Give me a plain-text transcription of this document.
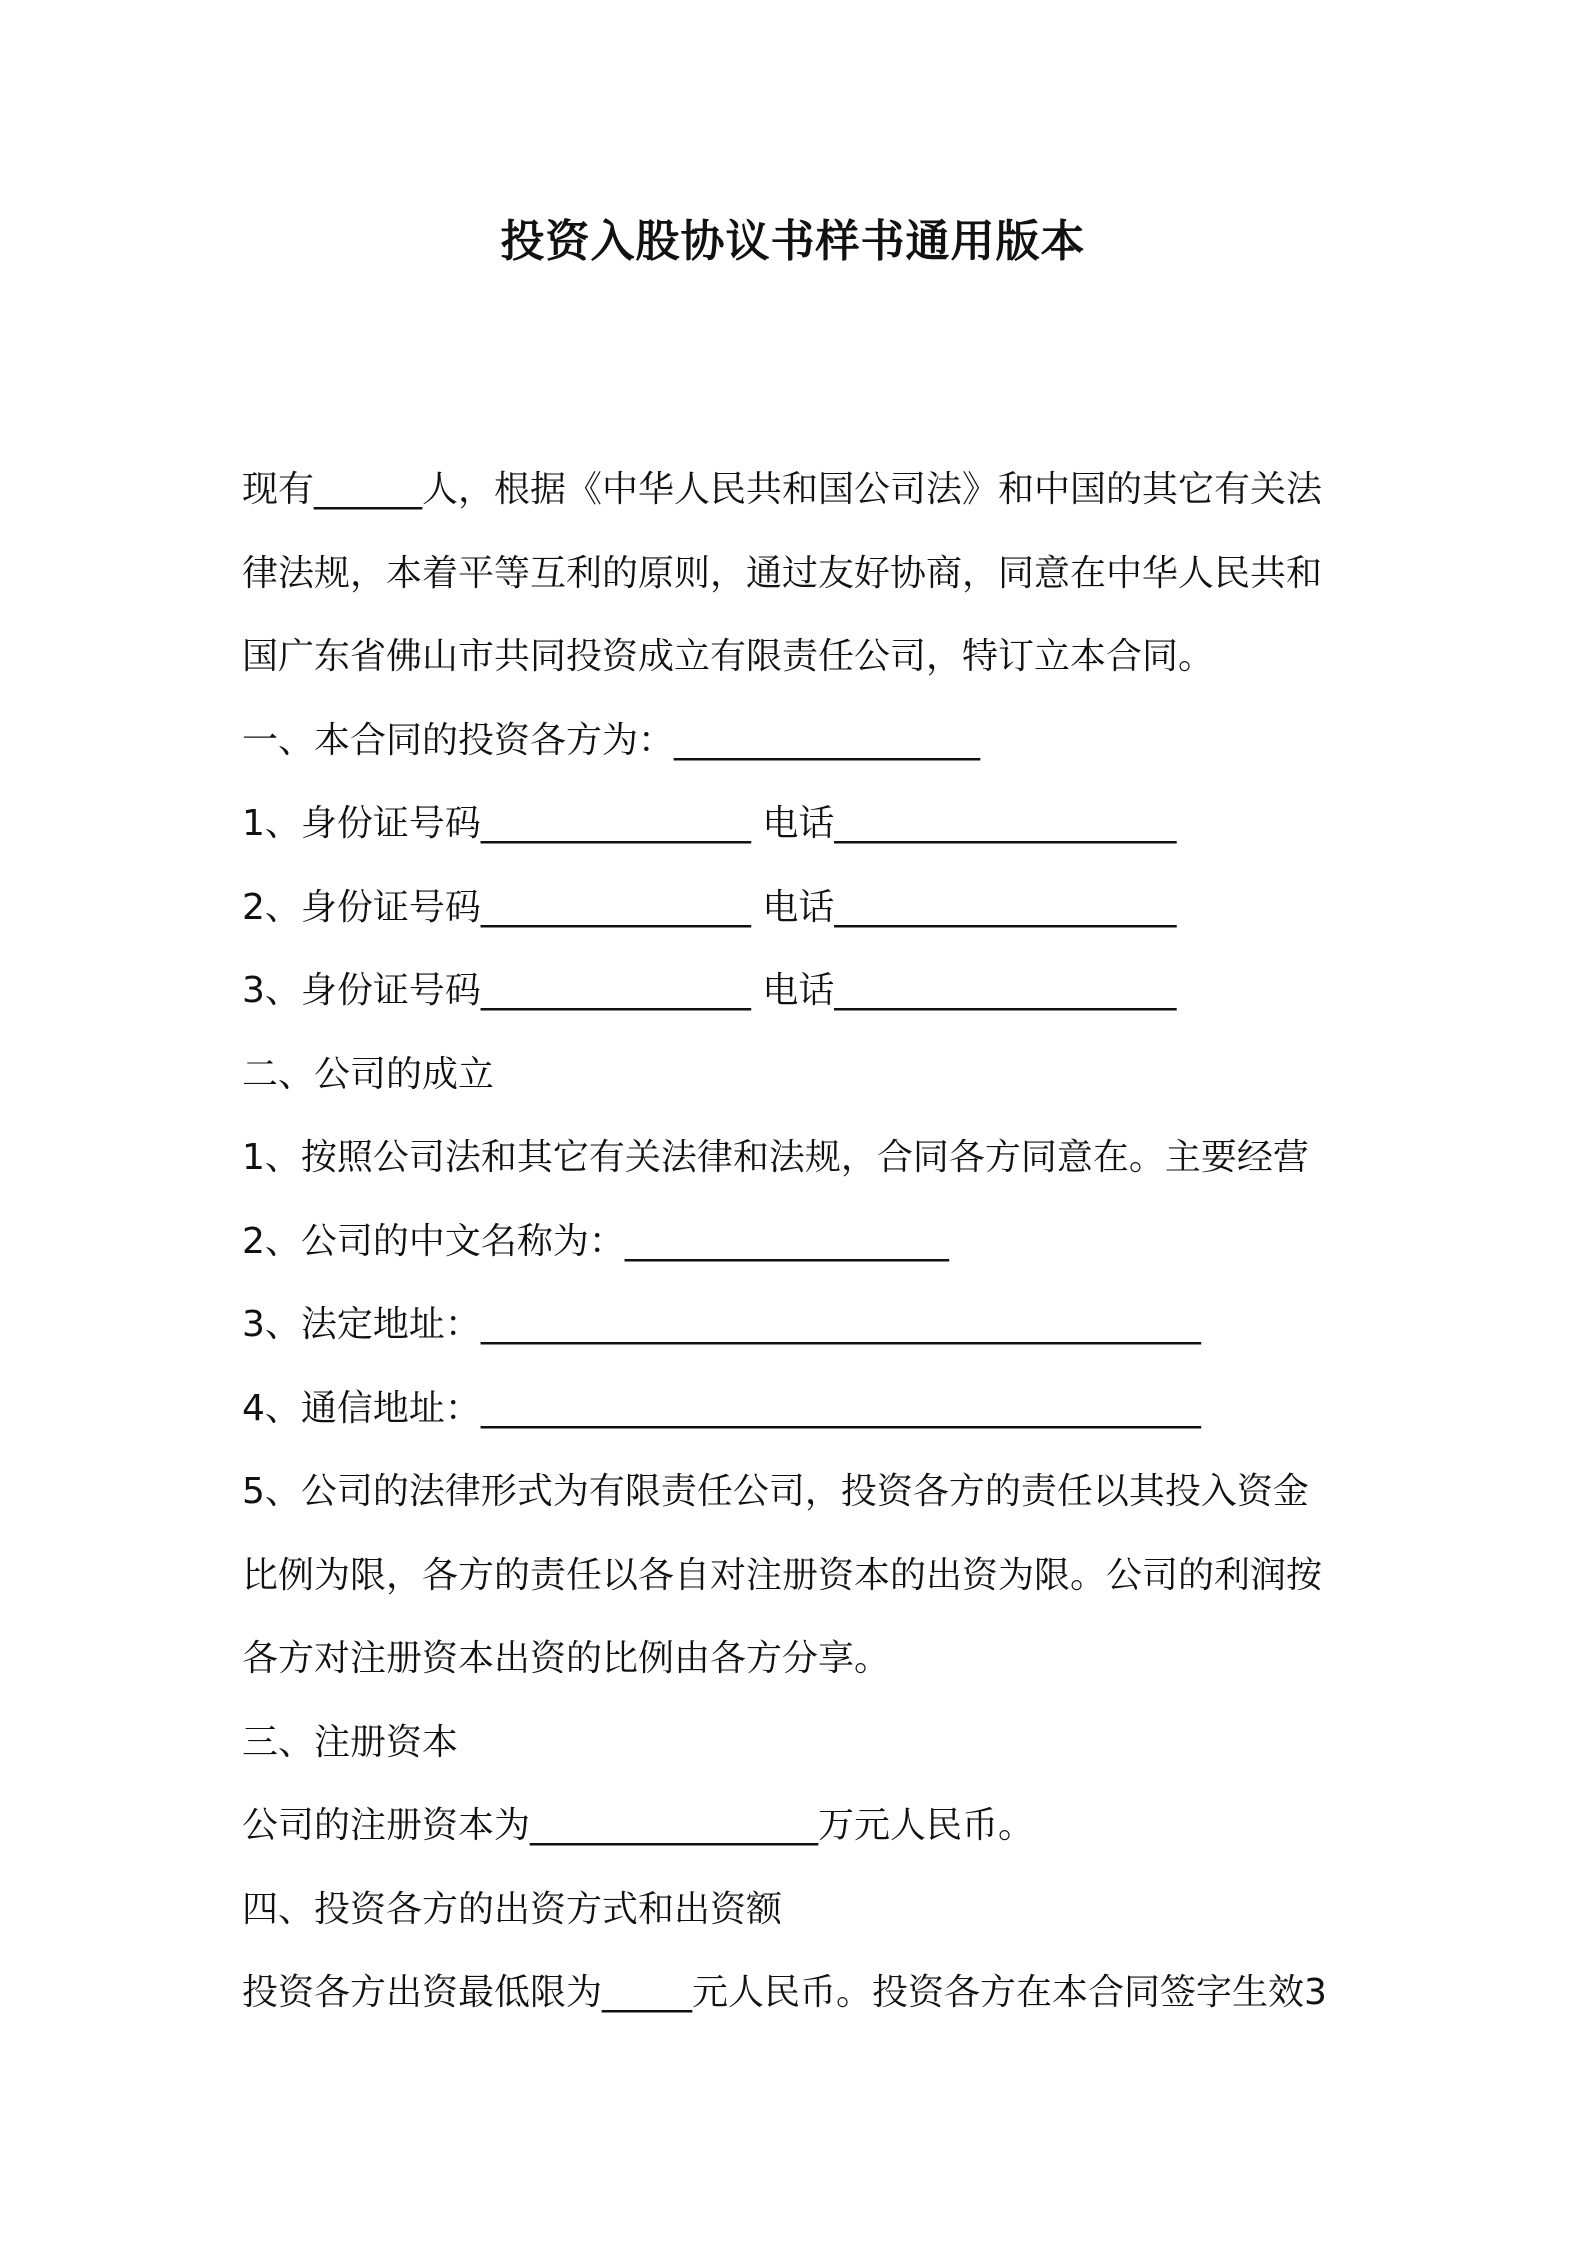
投资入股协议书样书通用版本

现有______人，根据《中华人民共和国公司法》和中国的其它有关法

律法规，本着平等互利的原则，通过友好协商，同意在中华人民共和

国广东省佛山市共同投资成立有限责任公司，特订立本合同。

一、本合同的投资各方为：_________________

1、身份证号码_______________ 电话___________________

2、身份证号码_______________ 电话___________________

3、身份证号码_______________ 电话___________________

二、公司的成立

1、按照公司法和其它有关法律和法规，合同各方同意在。主要经营

2、公司的中文名称为：__________________

3、法定地址：________________________________________

4、通信地址：________________________________________

5、公司的法律形式为有限责任公司，投资各方的责任以其投入资金

比例为限，各方的责任以各自对注册资本的出资为限。公司的利润按

各方对注册资本出资的比例由各方分享。

三、注册资本

公司的注册资本为________________万元人民币。

四、投资各方的出资方式和出资额

投资各方出资最低限为_____元人民币。投资各方在本合同签字生效3
